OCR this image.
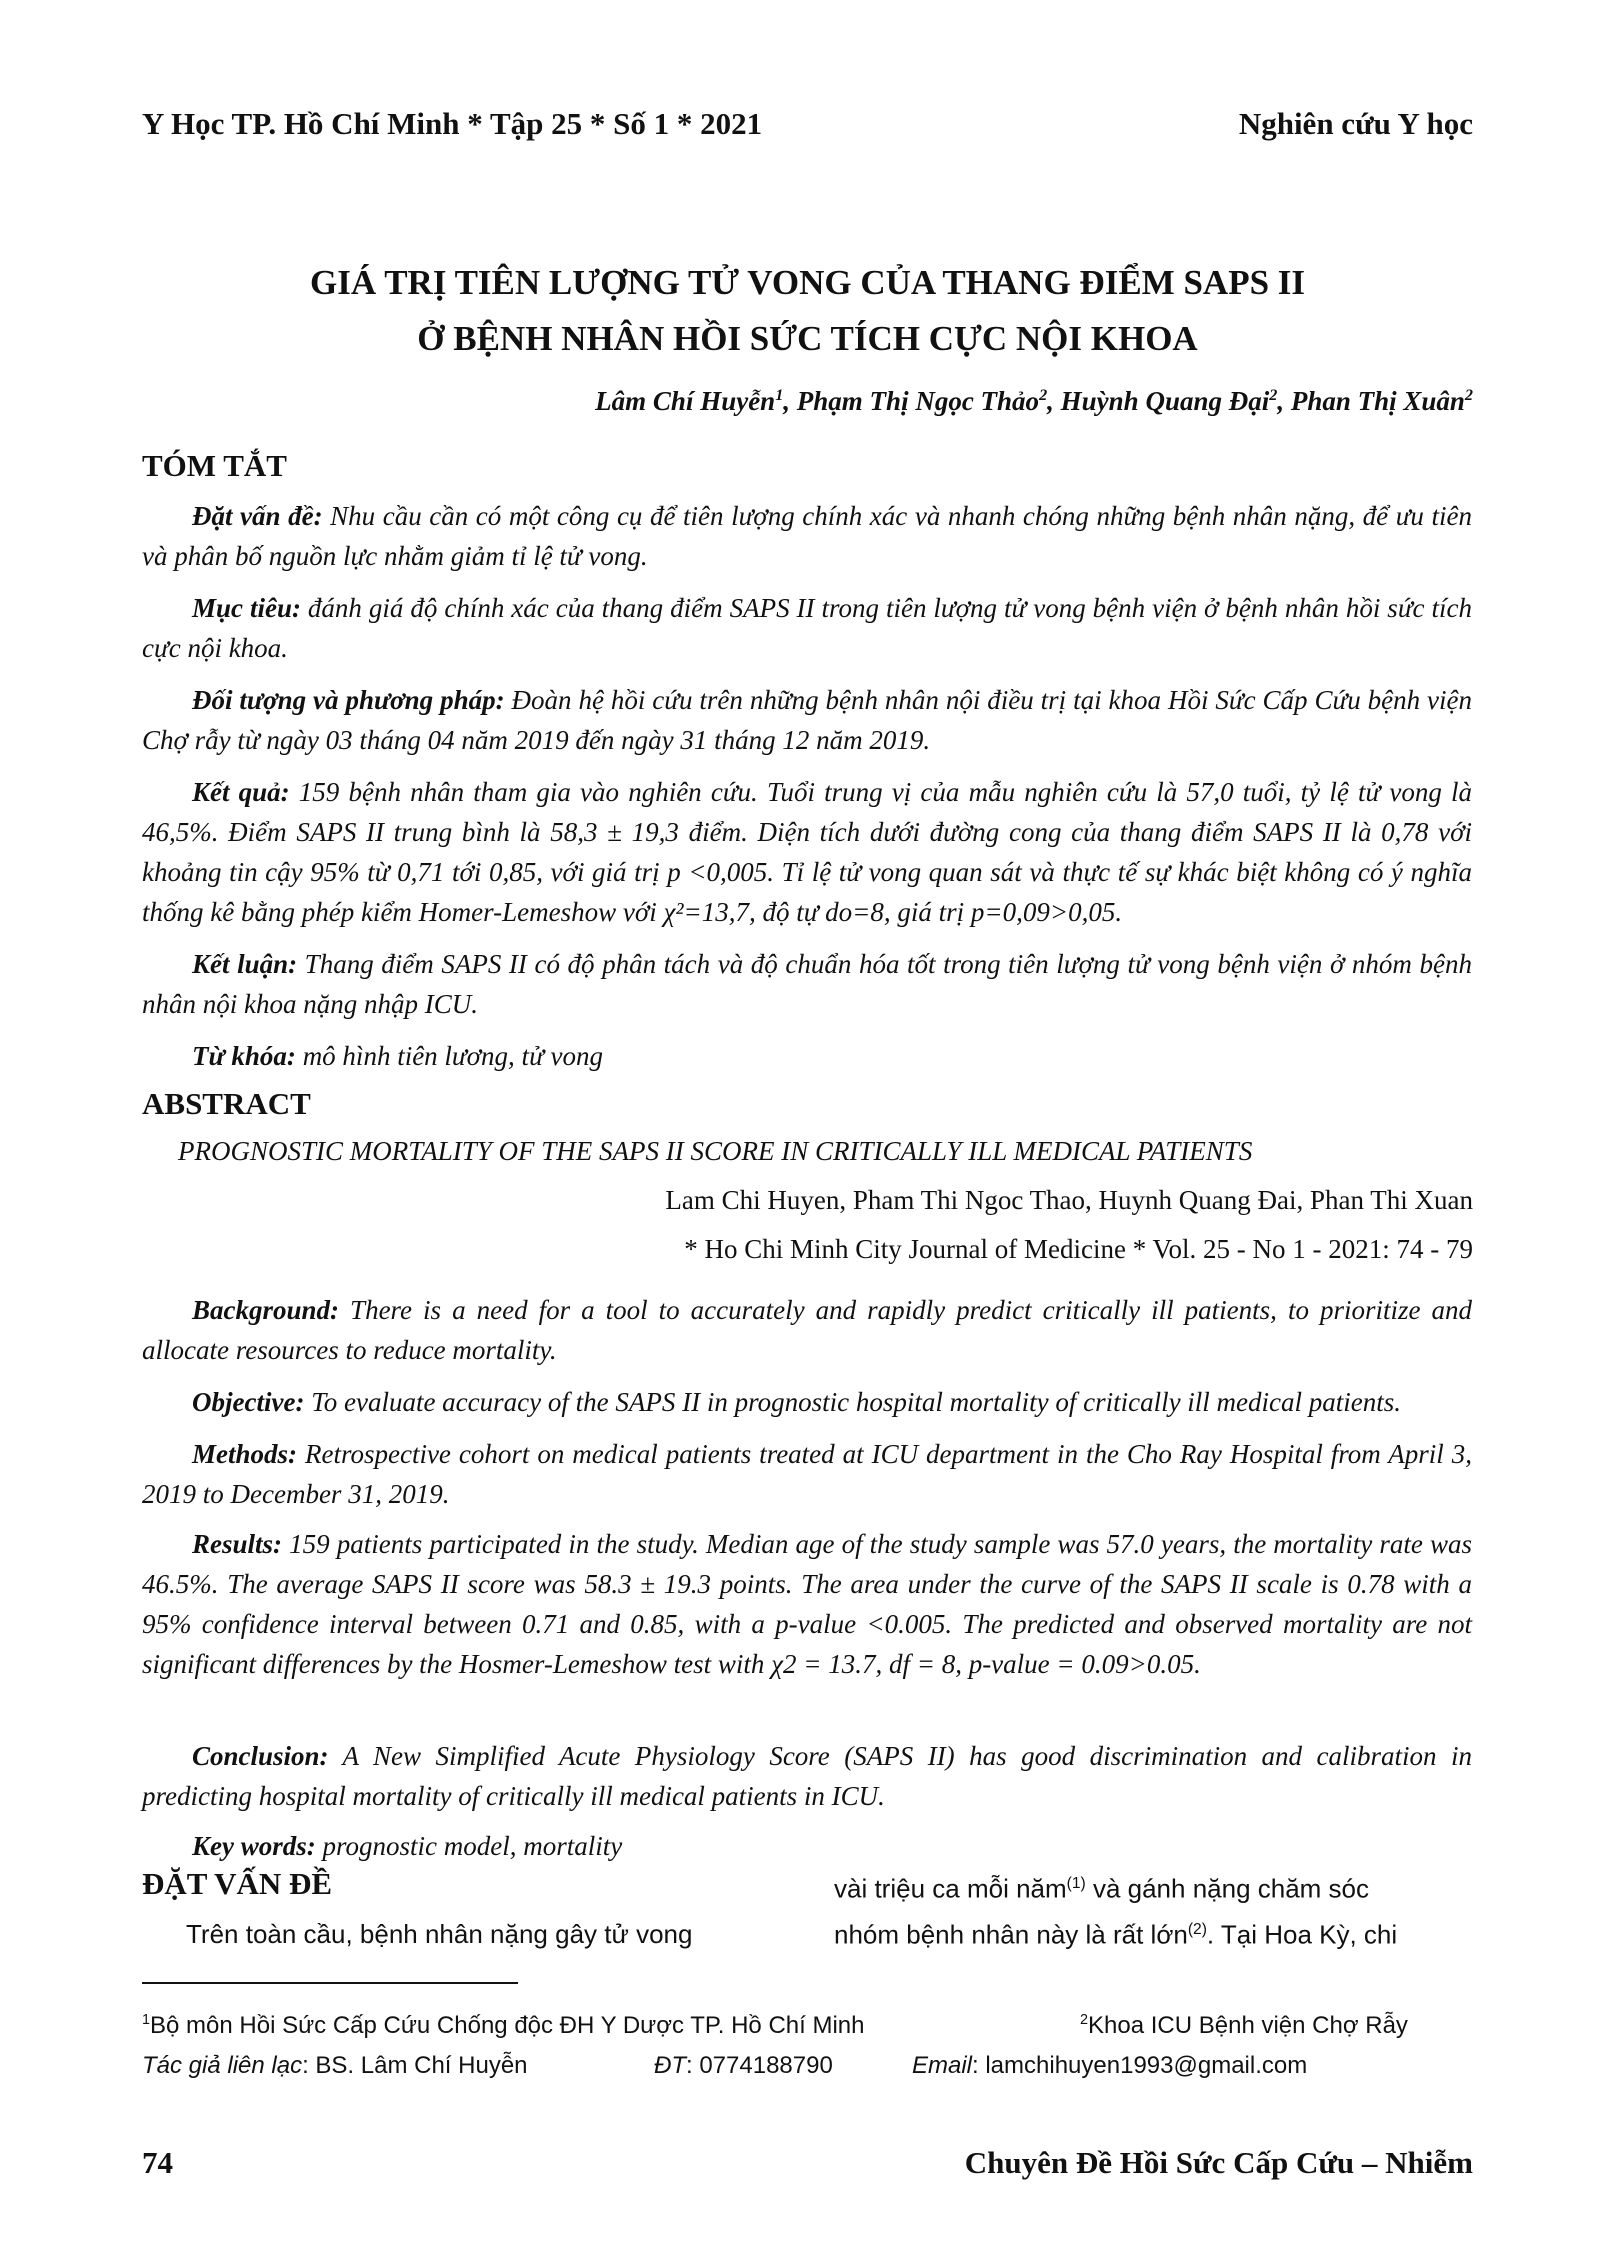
Y Học TP. Hồ Chí Minh * Tập 25 * Số 1 * 2021	Nghiên cứu Y học
GIÁ TRỊ TIÊN LƯỢNG TỬ VONG CỦA THANG ĐIỂM SAPS II
Ở BỆNH NHÂN HỒI SỨC TÍCH CỰC NỘI KHOA
Lâm Chí Huyễn$^1$, Phạm Thị Ngọc Thảo$^2$, Huỳnh Quang Đại$^2$, Phan Thị Xuân$^2$
TÓM TẮT
Đặt vấn đề: Nhu cầu cần có một công cụ để tiên lượng chính xác và nhanh chóng những bệnh nhân nặng, để ưu tiên và phân bố nguồn lực nhằm giảm tỉ lệ tử vong.
Mục tiêu: đánh giá độ chính xác của thang điểm SAPS II trong tiên lượng tử vong bệnh viện ở bệnh nhân hồi sức tích cực nội khoa.
Đối tượng và phương pháp: Đoàn hệ hồi cứu trên những bệnh nhân nội điều trị tại khoa Hồi Sức Cấp Cứu bệnh viện Chợ rẫy từ ngày 03 tháng 04 năm 2019 đến ngày 31 tháng 12 năm 2019.
Kết quả: 159 bệnh nhân tham gia vào nghiên cứu. Tuổi trung vị của mẫu nghiên cứu là 57,0 tuổi, tỷ lệ tử vong là 46,5%. Điểm SAPS II trung bình là 58,3 ± 19,3 điểm. Diện tích dưới đường cong của thang điểm SAPS II là 0,78 với khoảng tin cậy 95% từ 0,71 tới 0,85, với giá trị p <0,005. Tỉ lệ tử vong quan sát và thực tế sự khác biệt không có ý nghĩa thống kê bằng phép kiểm Homer-Lemeshow với χ²=13,7, độ tự do=8, giá trị p=0,09>0,05.
Kết luận: Thang điểm SAPS II có độ phân tách và độ chuẩn hóa tốt trong tiên lượng tử vong bệnh viện ở nhóm bệnh nhân nội khoa nặng nhập ICU.
Từ khóa: mô hình tiên lương, tử vong
ABSTRACT
PROGNOSTIC MORTALITY OF THE SAPS II SCORE IN CRITICALLY ILL MEDICAL PATIENTS
Lam Chi Huyen, Pham Thi Ngoc Thao, Huynh Quang Đai, Phan Thi Xuan
* Ho Chi Minh City Journal of Medicine * Vol. 25 - No 1 - 2021: 74 - 79
Background: There is a need for a tool to accurately and rapidly predict critically ill patients, to prioritize and allocate resources to reduce mortality.
Objective: To evaluate accuracy of the SAPS II in prognostic hospital mortality of critically ill medical patients.
Methods: Retrospective cohort on medical patients treated at ICU department in the Cho Ray Hospital from April 3, 2019 to December 31, 2019.
Results: 159 patients participated in the study. Median age of the study sample was 57.0 years, the mortality rate was 46.5%. The average SAPS II score was 58.3 ± 19.3 points. The area under the curve of the SAPS II scale is 0.78 with a 95% confidence interval between 0.71 and 0.85, with a p-value <0.005. The predicted and observed mortality are not significant differences by the Hosmer-Lemeshow test with χ2 = 13.7, df = 8, p-value = 0.09>0.05.
Conclusion: A New Simplified Acute Physiology Score (SAPS II) has good discrimination and calibration in predicting hospital mortality of critically ill medical patients in ICU.
Key words: prognostic model, mortality
ĐẶT VẤN ĐỀ
Trên toàn cầu, bệnh nhân nặng gây tử vong
vài triệu ca mỗi năm$^{(1)}$ và gánh nặng chăm sóc
nhóm bệnh nhân này là rất lớn$^{(2)}$. Tại Hoa Kỳ, chi
$^1$Bộ môn Hồi Sức Cấp Cứu Chống độc ĐH Y Dược TP. Hồ Chí Minh	$^2$Khoa ICU Bệnh viện Chợ Rẫy
Tác giả liên lạc: BS. Lâm Chí Huyễn	ĐT: 0774188790	Email: lamchihuyen1993@gmail.com
74	Chuyên Đề Hồi Sức Cấp Cứu – Nhiễm
